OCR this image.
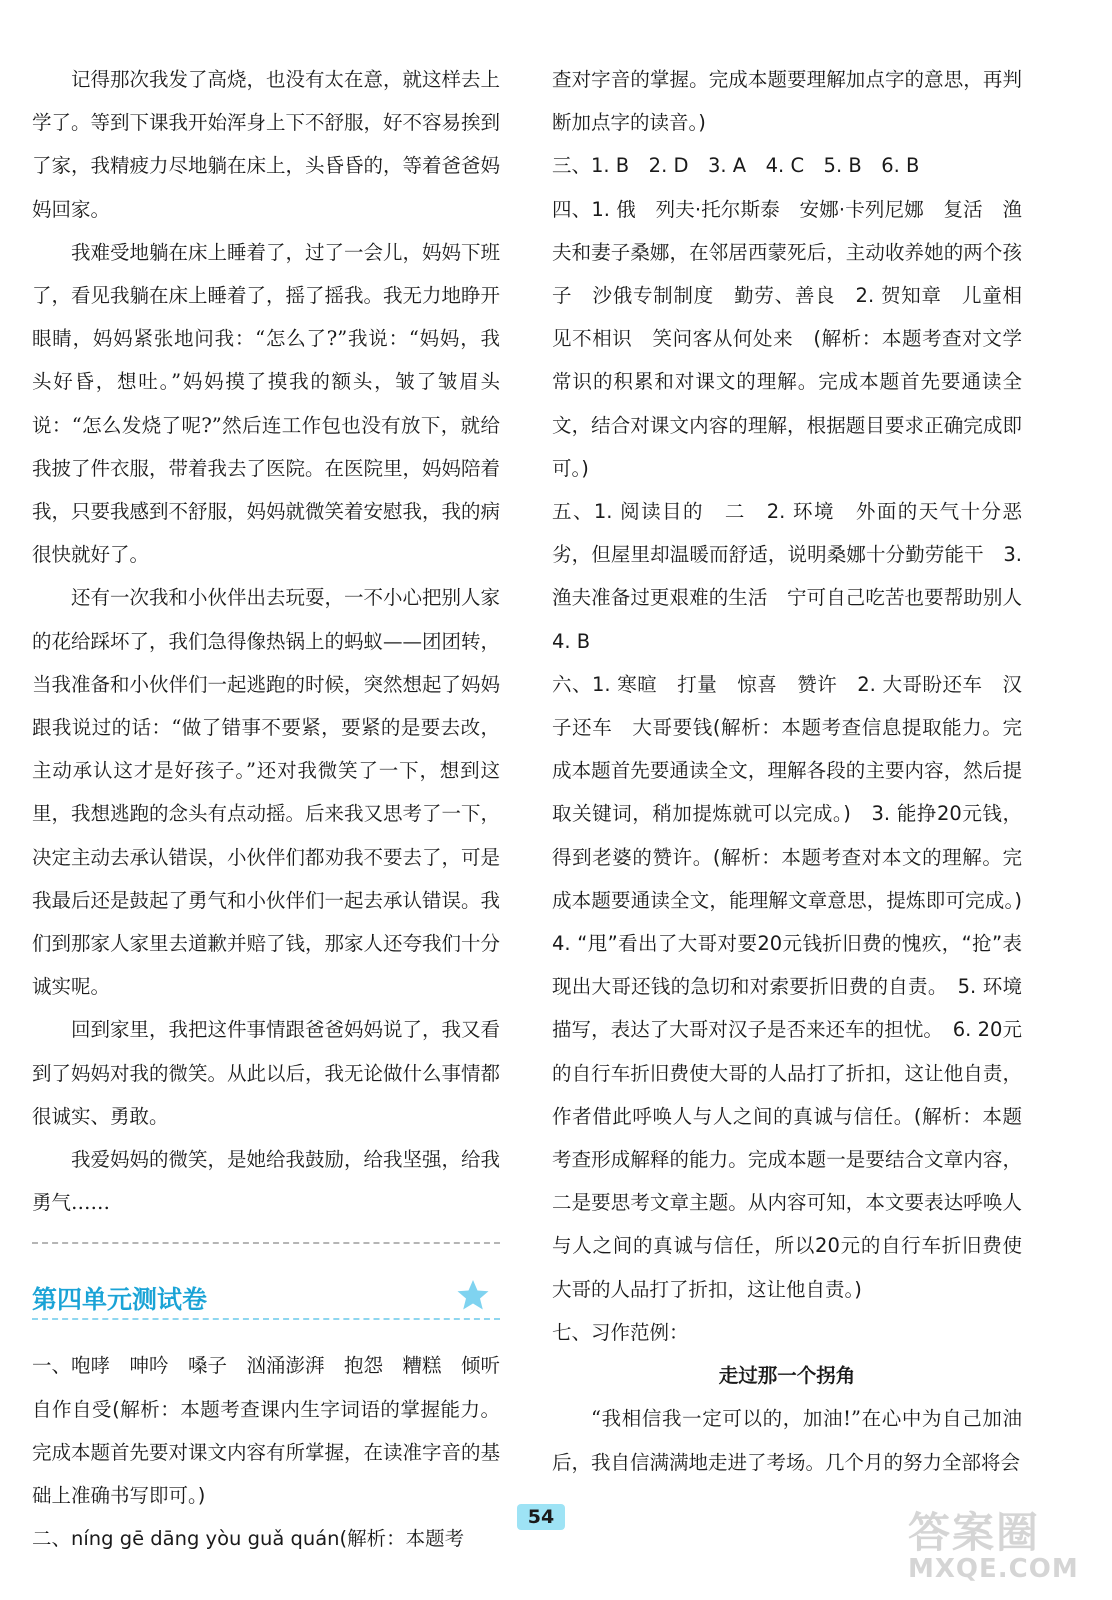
记得那次我发了高烧，也没有太在意，就这样去上学了。等到下课我开始浑身上下不舒服，好不容易挨到了家，我精疲力尽地躺在床上，头昏昏的，等着爸爸妈妈回家。

我难受地躺在床上睡着了，过了一会儿，妈妈下班了，看见我躺在床上睡着了，摇了摇我。我无力地睁开眼睛，妈妈紧张地问我：“怎么了?”我说：“妈妈，我头好昏，想吐。”妈妈摸了摸我的额头，皱了皱眉头说：“怎么发烧了呢?”然后连工作包也没有放下，就给我披了件衣服，带着我去了医院。在医院里，妈妈陪着我，只要我感到不舒服，妈妈就微笑着安慰我，我的病很快就好了。

还有一次我和小伙伴出去玩耍，一不小心把别人家的花给踩坏了，我们急得像热锅上的蚂蚁——团团转，当我准备和小伙伴们一起逃跑的时候，突然想起了妈妈跟我说过的话：“做了错事不要紧，要紧的是要去改，主动承认这才是好孩子。”还对我微笑了一下，想到这里，我想逃跑的念头有点动摇。后来我又思考了一下，决定主动去承认错误，小伙伴们都劝我不要去了，可是我最后还是鼓起了勇气和小伙伴们一起去承认错误。我们到那家人家里去道歉并赔了钱，那家人还夸我们十分诚实呢。

回到家里，我把这件事情跟爸爸妈妈说了，我又看到了妈妈对我的微笑。从此以后，我无论做什么事情都很诚实、勇敢。

我爱妈妈的微笑，是她给我鼓励，给我坚强，给我勇气……

第四单元测试卷

一、咆哮　呻吟　嗓子　汹涌澎湃　抱怨　糟糕　倾听　自作自受(解析：本题考查课内生字词语的掌握能力。完成本题首先要对课文内容有所掌握，在读准字音的基础上准确书写即可。)

二、níng gē dāng yòu guǎ quán(解析：本题考

查对字音的掌握。完成本题要理解加点字的意思，再判断加点字的读音。)

三、1. B　2. D　3. A　4. C　5. B　6. B

四、1. 俄　列夫·托尔斯泰　安娜·卡列尼娜　复活　渔夫和妻子桑娜，在邻居西蒙死后，主动收养她的两个孩子　沙俄专制制度　勤劳、善良　2. 贺知章　儿童相见不相识　笑问客从何处来　(解析：本题考查对文学常识的积累和对课文的理解。完成本题首先要通读全文，结合对课文内容的理解，根据题目要求正确完成即可。)

五、1. 阅读目的　二　2. 环境　外面的天气十分恶劣，但屋里却温暖而舒适，说明桑娜十分勤劳能干　3. 渔夫准备过更艰难的生活　宁可自己吃苦也要帮助别人　4. B

六、1. 寒暄　打量　惊喜　赞许　2. 大哥盼还车　汉子还车　大哥要钱(解析：本题考查信息提取能力。完成本题首先要通读全文，理解各段的主要内容，然后提取关键词，稍加提炼就可以完成。)　3. 能挣20元钱，得到老婆的赞许。(解析：本题考查对本文的理解。完成本题要通读全文，能理解文章意思，提炼即可完成。)　4. “甩”看出了大哥对要20元钱折旧费的愧疚，“抢”表现出大哥还钱的急切和对索要折旧费的自责。　5. 环境描写，表达了大哥对汉子是否来还车的担忧。　6. 20元的自行车折旧费使大哥的人品打了折扣，这让他自责，作者借此呼唤人与人之间的真诚与信任。(解析：本题考查形成解释的能力。完成本题一是要结合文章内容，二是要思考文章主题。从内容可知，本文要表达呼唤人与人之间的真诚与信任，所以20元的自行车折旧费使大哥的人品打了折扣，这让他自责。)

七、习作范例：

走过那一个拐角

“我相信我一定可以的，加油!”在心中为自己加油后，我自信满满地走进了考场。几个月的努力全部将会

54	答案圈
MXQE.COM
